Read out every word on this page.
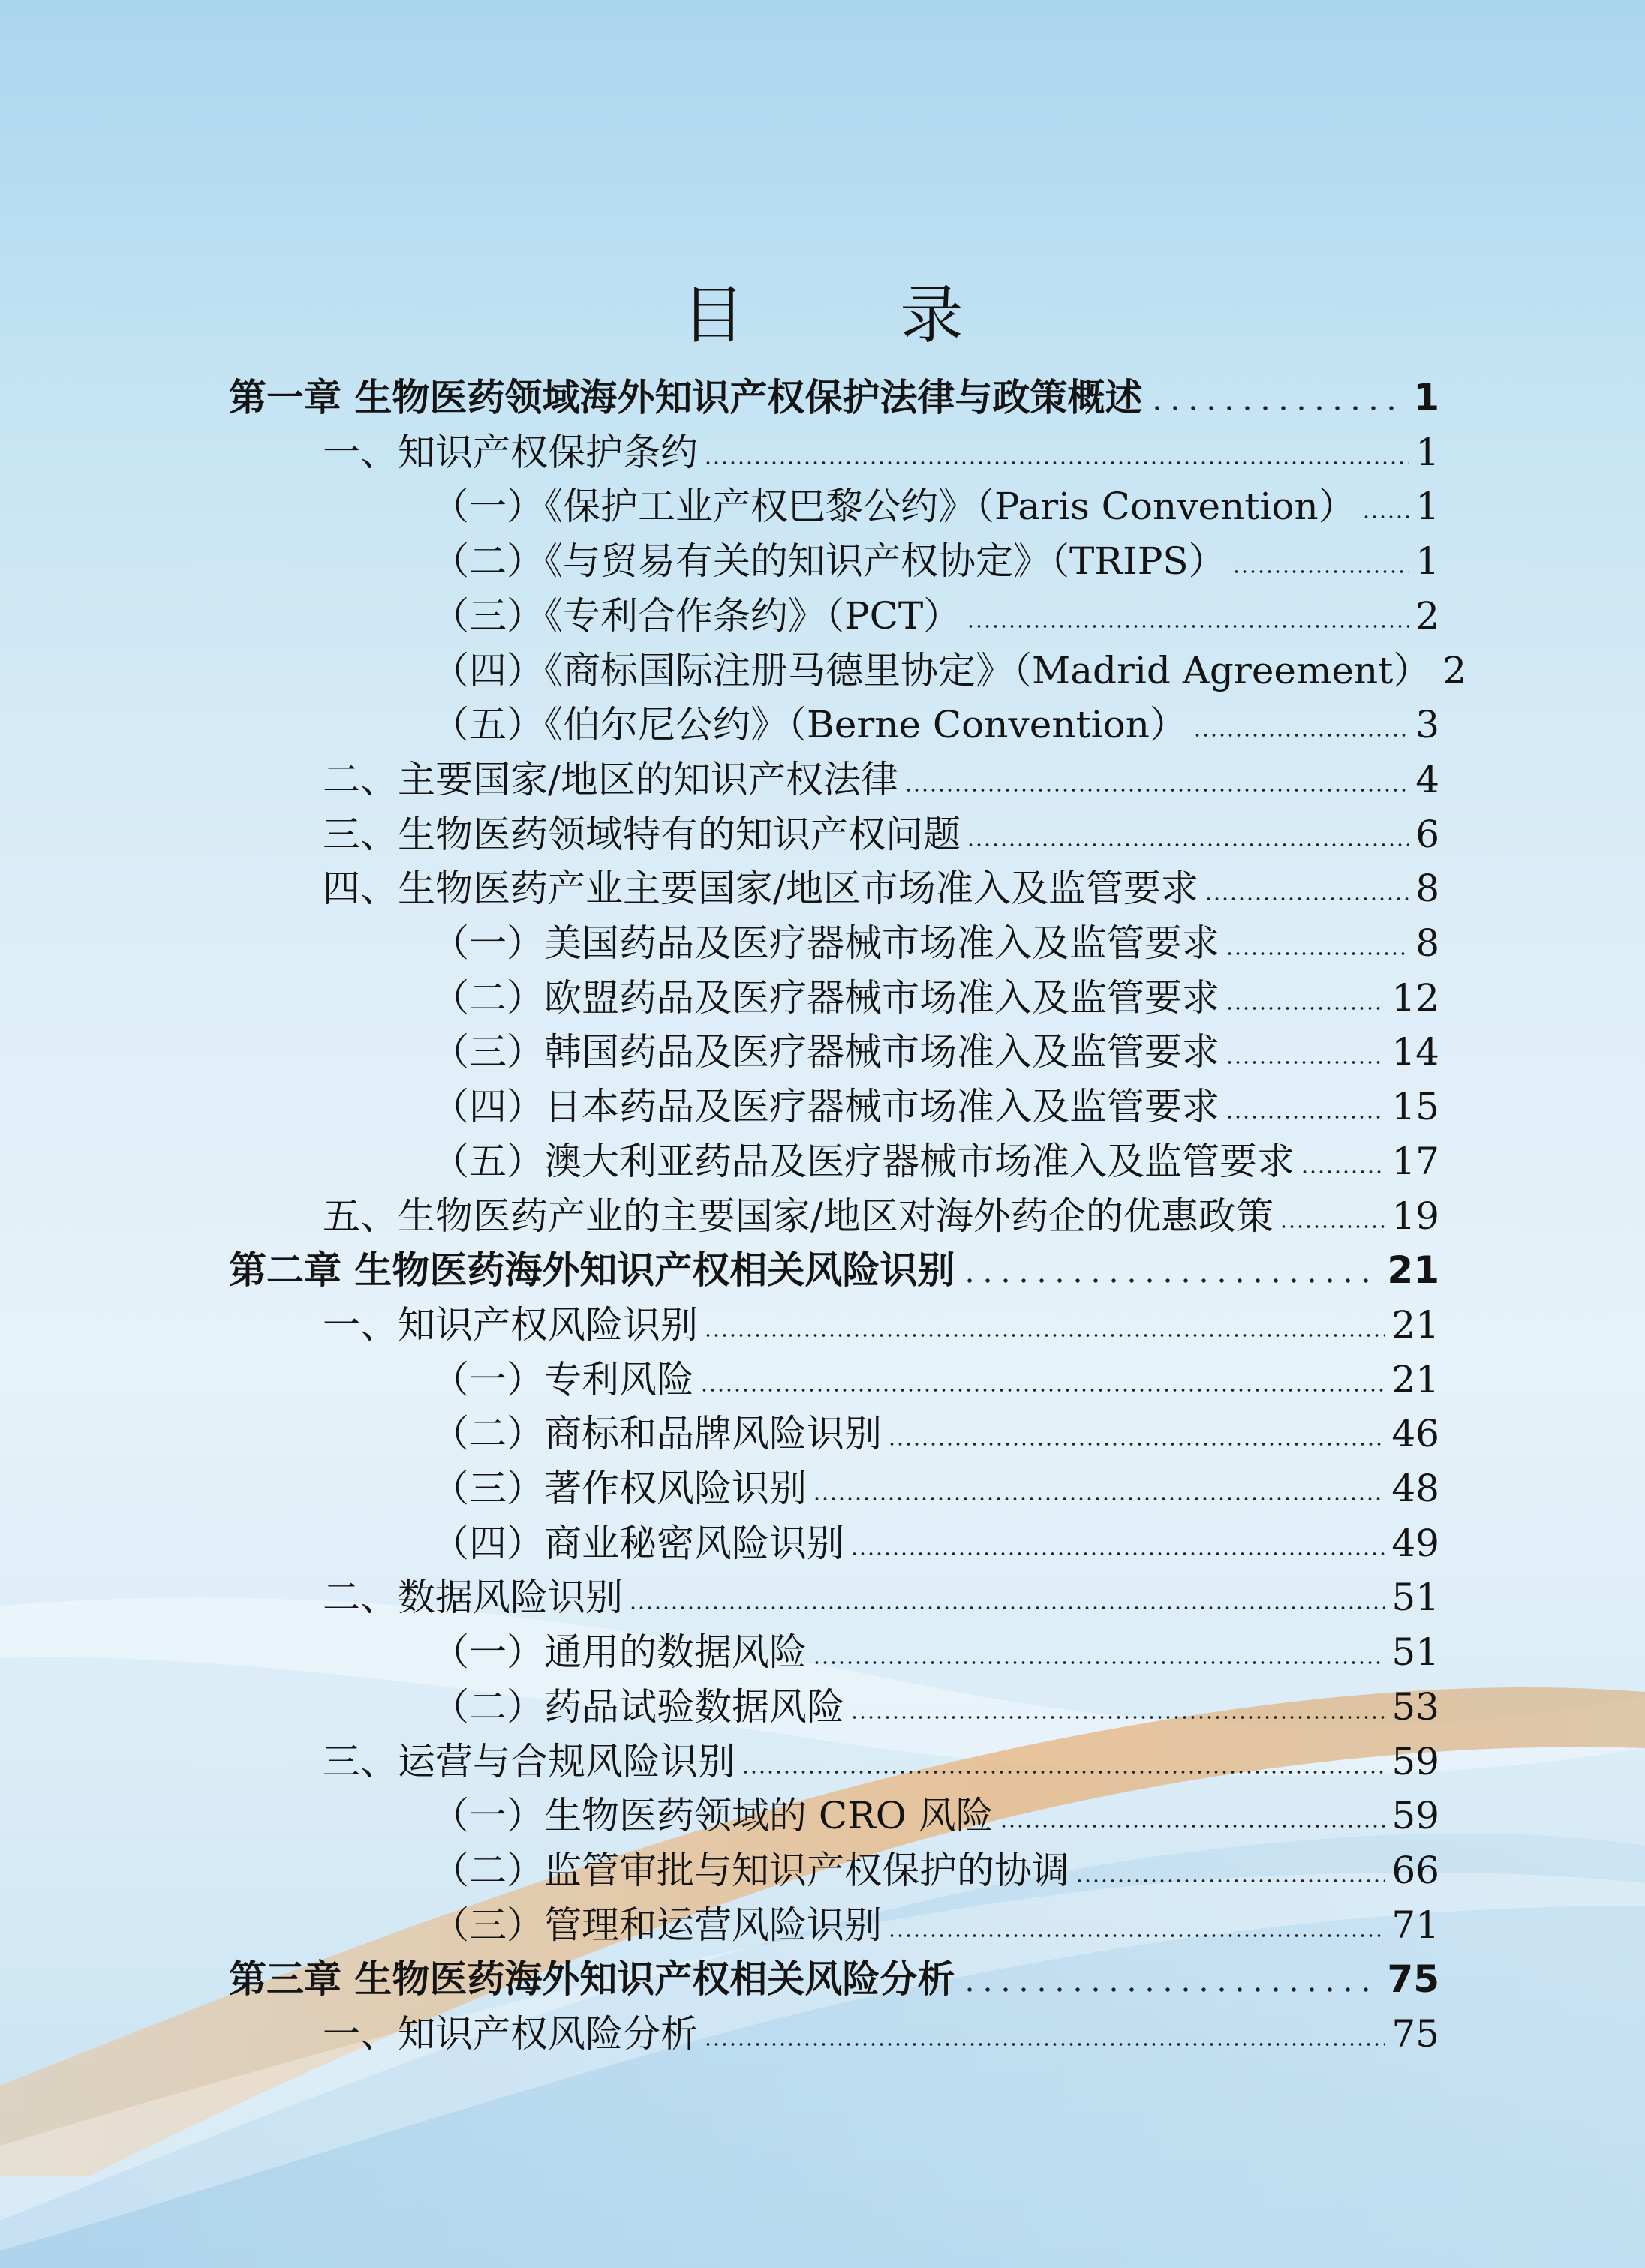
目 录
第一章 生物医药领域海外知识产权保护法律与政策概述	1
一、知识产权保护条约	1
（一）《保护工业产权巴黎公约》（Paris Convention） 1
（二）《与贸易有关的知识产权协定》（TRIPS）	1
（三）《专利合作条约》（PCT）	2
（四）《商标国际注册马德里协定》（Madrid Agreement） 2
（五）《伯尔尼公约》（Berne Convention）	3
二、主要国家/地区的知识产权法律	4
三、生物医药领域特有的知识产权问题	6
四、生物医药产业主要国家/地区市场准入及监管要求	8
（一）美国药品及医疗器械市场准入及监管要求	8
（二）欧盟药品及医疗器械市场准入及监管要求	12
（三）韩国药品及医疗器械市场准入及监管要求	14
（四）日本药品及医疗器械市场准入及监管要求	15
（五）澳大利亚药品及医疗器械市场准入及监管要求	17
五、生物医药产业的主要国家/地区对海外药企的优惠政策	19
第二章 生物医药海外知识产权相关风险识别	21
一、知识产权风险识别	21
（一）专利风险	21
（二）商标和品牌风险识别	46
（三）著作权风险识别	48
（四）商业秘密风险识别	49
二、数据风险识别	51
（一）通用的数据风险	51
（二）药品试验数据风险	53
三、运营与合规风险识别	59
（一）生物医药领域的 CRO 风险	59
（二）监管审批与知识产权保护的协调	66
（三）管理和运营风险识别	71
第三章 生物医药海外知识产权相关风险分析	75
一、知识产权风险分析	75
